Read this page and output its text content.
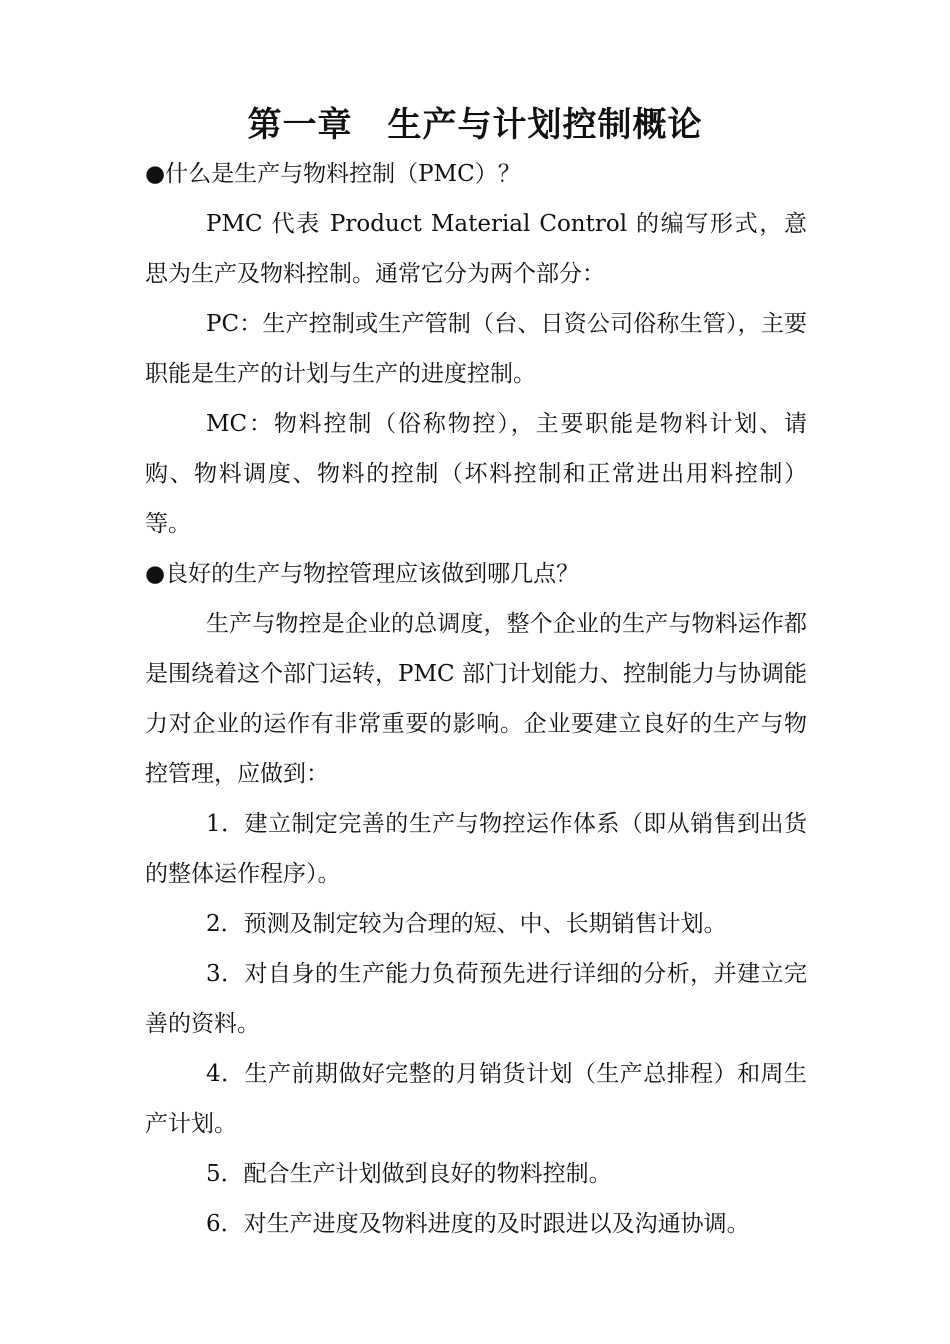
第一章　生产与计划控制概论

●什么是生产与物料控制（PMC）？

PMC 代表 Product Material Control 的编写形式，意思为生产及物料控制。通常它分为两个部分：

PC：生产控制或生产管制（台、日资公司俗称生管），主要职能是生产的计划与生产的进度控制。

MC：物料控制（俗称物控），主要职能是物料计划、请购、物料调度、物料的控制（坏料控制和正常进出用料控制）等。

●良好的生产与物控管理应该做到哪几点？

生产与物控是企业的总调度，整个企业的生产与物料运作都是围绕着这个部门运转，PMC 部门计划能力、控制能力与协调能力对企业的运作有非常重要的影响。企业要建立良好的生产与物控管理，应做到：

1．建立制定完善的生产与物控运作体系（即从销售到出货的整体运作程序）。

2．预测及制定较为合理的短、中、长期销售计划。

3．对自身的生产能力负荷预先进行详细的分析，并建立完善的资料。

4．生产前期做好完整的月销货计划（生产总排程）和周生产计划。

5．配合生产计划做到良好的物料控制。

6．对生产进度及物料进度的及时跟进以及沟通协调。
